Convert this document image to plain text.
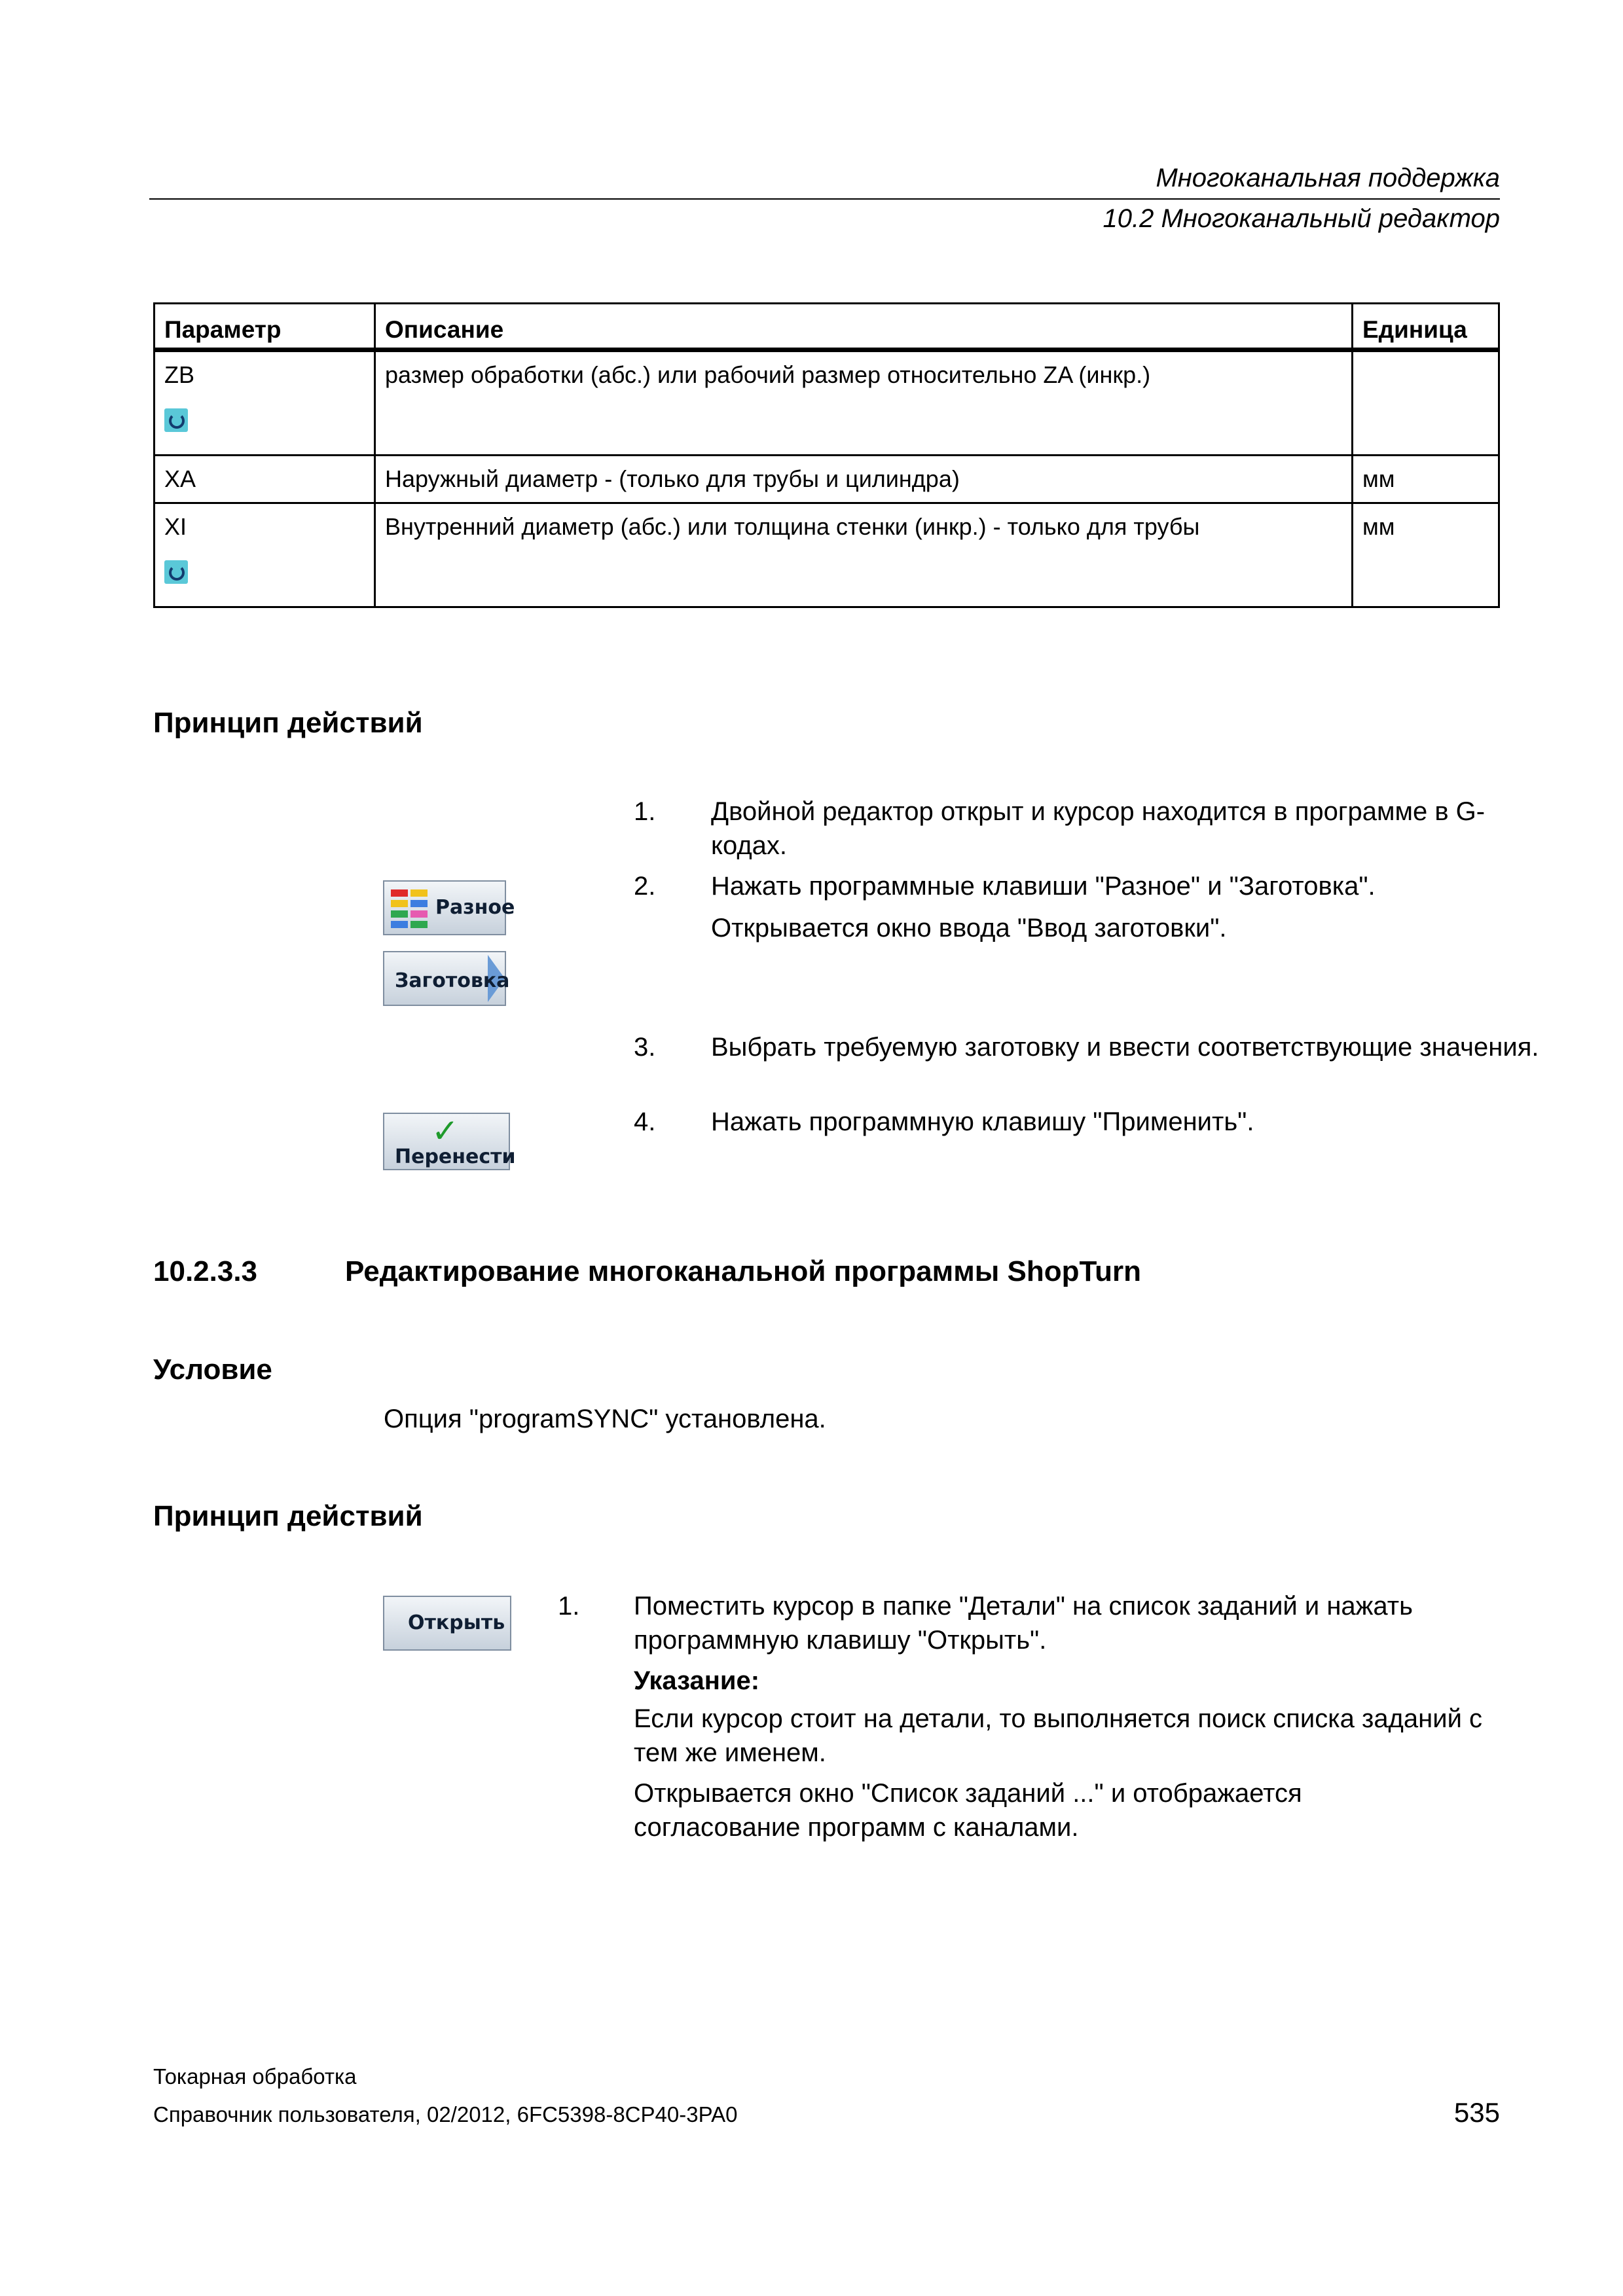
Многоканальная поддержка
10.2 Многоканальный редактор
Параметр	Описание	Единица
ZB	размер обработки (абс.) или рабочий размер относительно ZA (инкр.)	
XA	Наружный диаметр - (только для трубы и цилиндра)	мм
XI	Внутренний диаметр (абс.) или толщина стенки (инкр.) - только для трубы	мм
Принцип действий
1. Двойной редактор открыт и курсор находится в программе в G-кодах.
2. Нажать программные клавиши "Разное" и "Заготовка".
Открывается окно ввода "Ввод заготовки".
3. Выбрать требуемую заготовку и ввести соответствующие значения.
4. Нажать программную клавишу "Применить".
Разное
Заготовка
✓
Перенести
10.2.3.3	Редактирование многоканальной программы ShopTurn
Условие
Опция "programSYNC" установлена.
Принцип действий
Открыть
1. Поместить курсор в папке "Детали" на список заданий и нажать программную клавишу "Открыть".
Указание:
Если курсор стоит на детали, то выполняется поиск списка заданий с тем же именем.
Открывается окно "Список заданий ..." и отображается согласование программ с каналами.
Токарная обработка
Справочник пользователя, 02/2012, 6FC5398-8CP40-3PA0	535
